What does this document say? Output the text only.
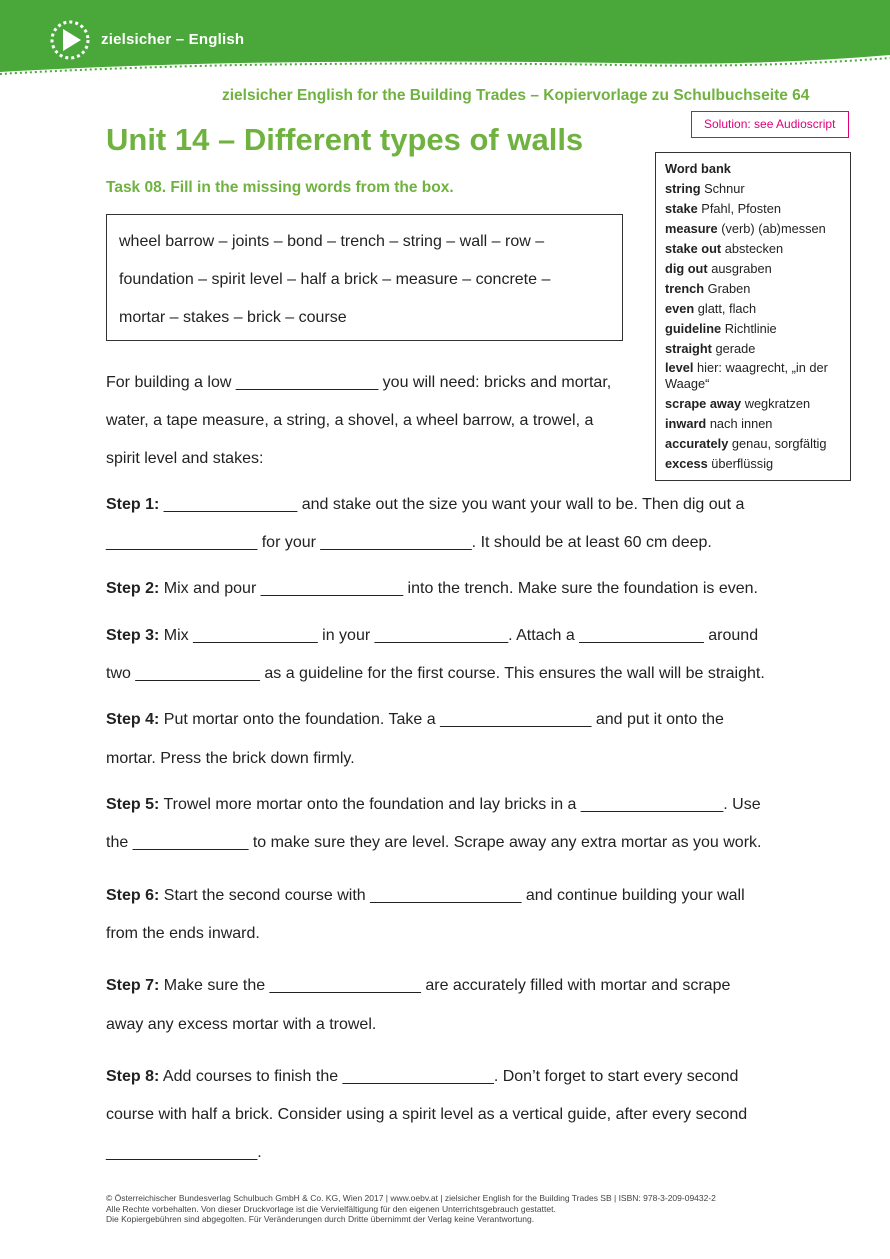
zielsicher – English
zielsicher English for the Building Trades – Kopiervorlage zu Schulbuchseite 64
Solution: see Audioscript
Unit 14 – Different types of walls
Task 08. Fill in the missing words from the box.
wheel barrow – joints – bond – trench – string – wall – row –
foundation – spirit level – half a brick – measure – concrete –
mortar – stakes – brick – course
Word bank
string Schnur
stake Pfahl, Pfosten
measure (verb) (ab)messen
stake out abstecken
dig out ausgraben
trench Graben
even glatt, flach
guideline Richtlinie
straight gerade
level hier: waagrecht, „in der Waage“
scrape away wegkratzen
inward nach innen
accurately genau, sorgfältig
excess überflüssig
For building a low ________________ you will need: bricks and mortar,
water, a tape measure, a string, a shovel, a wheel barrow, a trowel, a
spirit level and stakes:
Step 1: _______________ and stake out the size you want your wall to be. Then dig out a
_________________ for your _________________. It should be at least 60 cm deep.
Step 2: Mix and pour ________________ into the trench. Make sure the foundation is even.
Step 3: Mix ______________ in your _______________. Attach a ______________ around
two ______________ as a guideline for the first course. This ensures the wall will be straight.
Step 4: Put mortar onto the foundation. Take a _________________ and put it onto the
mortar. Press the brick down firmly.
Step 5: Trowel more mortar onto the foundation and lay bricks in a ________________. Use
the _____________ to make sure they are level. Scrape away any extra mortar as you work.
Step 6: Start the second course with _________________ and continue building your wall
from the ends inward.
Step 7: Make sure the _________________ are accurately filled with mortar and scrape
away any excess mortar with a trowel.
Step 8: Add courses to finish the _________________. Don’t forget to start every second
course with half a brick. Consider using a spirit level as a vertical guide, after every second
_________________.
© Österreichischer Bundesverlag Schulbuch GmbH & Co. KG, Wien 2017 | www.oebv.at | zielsicher English for the Building Trades SB | ISBN: 978-3-209-09432-2
Alle Rechte vorbehalten. Von dieser Druckvorlage ist die Vervielfältigung für den eigenen Unterrichtsgebrauch gestattet.
Die Kopiergebühren sind abgegolten. Für Veränderungen durch Dritte übernimmt der Verlag keine Verantwortung.
